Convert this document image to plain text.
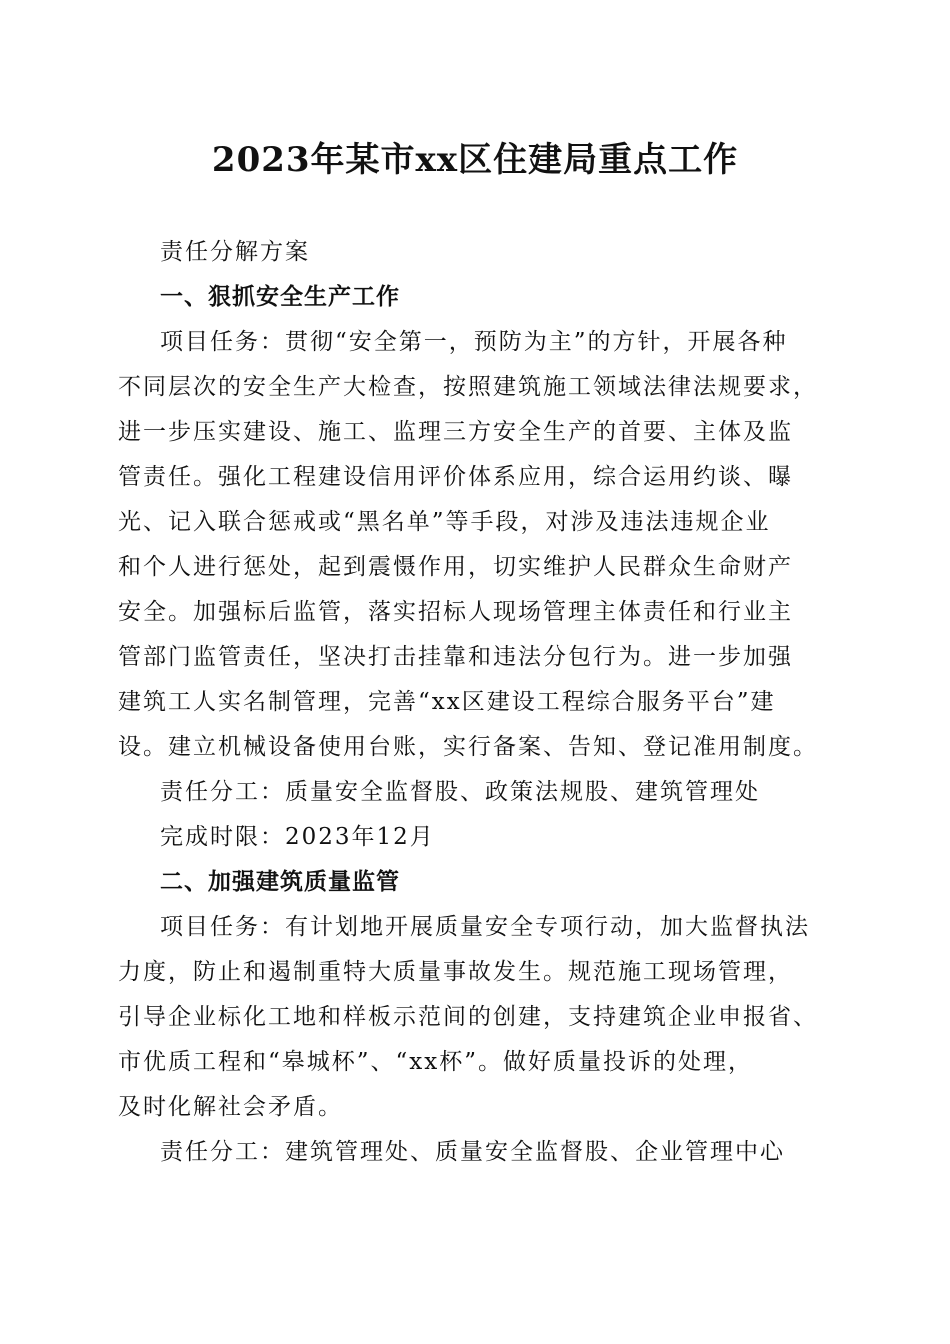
2023年某市xx区住建局重点工作
责任分解方案
一、狠抓安全生产工作
项目任务：贯彻“安全第一，预防为主”的方针，开展各种
不同层次的安全生产大检查，按照建筑施工领域法律法规要求，
进一步压实建设、施工、监理三方安全生产的首要、主体及监
管责任。强化工程建设信用评价体系应用，综合运用约谈、曝
光、记入联合惩戒或“黑名单”等手段，对涉及违法违规企业
和个人进行惩处，起到震慑作用，切实维护人民群众生命财产
安全。加强标后监管，落实招标人现场管理主体责任和行业主
管部门监管责任，坚决打击挂靠和违法分包行为。进一步加强
建筑工人实名制管理，完善“xx区建设工程综合服务平台”建
设。建立机械设备使用台账，实行备案、告知、登记准用制度。
责任分工：质量安全监督股、政策法规股、建筑管理处
完成时限：2023年12月
二、加强建筑质量监管
项目任务：有计划地开展质量安全专项行动，加大监督执法
力度，防止和遏制重特大质量事故发生。规范施工现场管理，
引导企业标化工地和样板示范间的创建，支持建筑企业申报省、
市优质工程和“皋城杯”、“xx杯”。做好质量投诉的处理，
及时化解社会矛盾。
责任分工：建筑管理处、质量安全监督股、企业管理中心
